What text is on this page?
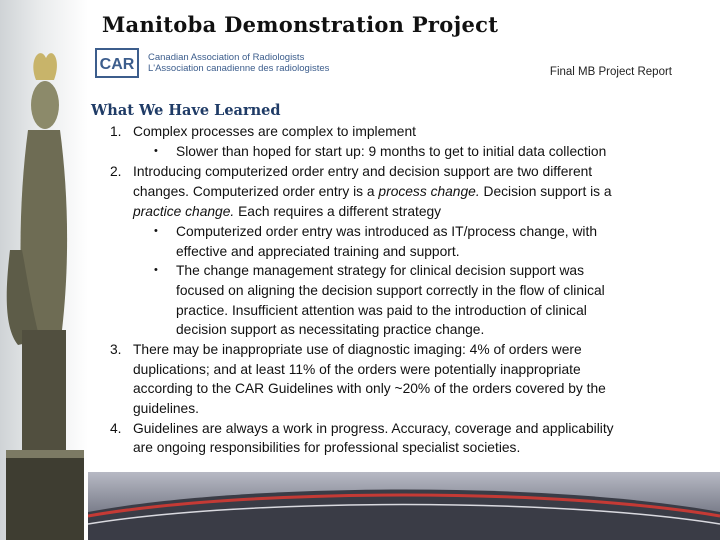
Manitoba Demonstration Project
CAR Canadian Association of Radiologists
L'Association canadienne des radiologistes	Final MB Project Report
What We Have Learned
1.
2.
3.
4.
•
•
•
Complex processes are complex to implement
Slower than hoped for start up: 9 months to get to initial data collection
Introducing computerized order entry and decision support are two different
changes. Computerized order entry is a process change. Decision support is a
practice change. Each requires a different strategy
Computerized order entry was introduced as IT/process change, with
effective and appreciated training and support.
The change management strategy for clinical decision support was
focused on aligning the decision support correctly in the flow of clinical
practice. Insufficient attention was paid to the introduction of clinical
decision support as necessitating practice change.
There may be inappropriate use of diagnostic imaging: 4% of orders were
duplications; and at least 11% of the orders were potentially inappropriate
according to the CAR Guidelines with only ~20% of the orders covered by the
guidelines.
Guidelines are always a work in progress. Accuracy, coverage and applicability
are ongoing responsibilities for professional specialist societies.
